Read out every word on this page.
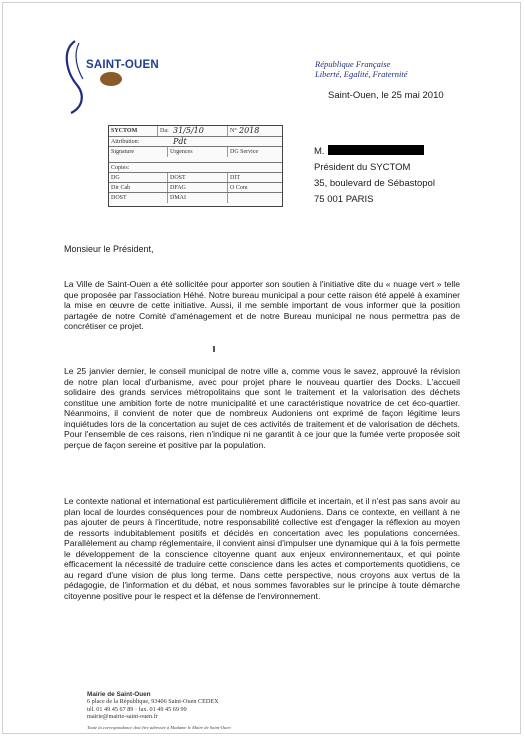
SAINT-OUEN	République Française
Liberté, Egalité, Fraternité
Saint-Ouen, le 25 mai 2010
SYCTOM	Da: 31/5/10	N° 2018
Attribution:	Pdt
Signature	Urgences	DG Service
Copies:
DG	DOST	DIT
Dir Cab	DFAG	O Com
DOST	DMAI
M.
Président du SYCTOM
35, boulevard de Sébastopol
75 001 PARIS
Monsieur le Président,
La Ville de Saint-Ouen a été sollicitée pour apporter son soutien à l'initiative dite du « nuage vert » telle que proposée par l'association Héhé. Notre bureau municipal a pour cette raison été appelé à examiner la mise en œuvre de cette initiative. Aussi, il me semble important de vous informer que la position partagée de notre Comité d'aménagement et de notre Bureau municipal ne nous permettra pas de concrétiser ce projet.
Le 25 janvier dernier, le conseil municipal de notre ville a, comme vous le savez, approuvé la révision de notre plan local d'urbanisme, avec pour projet phare le nouveau quartier des Docks. L'accueil solidaire des grands services métropolitains que sont le traitement et la valorisation des déchets constitue une ambition forte de notre municipalité et une caractéristique novatrice de cet éco-quartier. Néanmoins, il convient de noter que de nombreux Audoniens ont exprimé de façon légitime leurs inquiétudes lors de la concertation au sujet de ces activités de traitement et de valorisation de déchets. Pour l'ensemble de ces raisons, rien n'indique ni ne garantit à ce jour que la fumée verte proposée soit perçue de façon sereine et positive par la population.
Le contexte national et international est particulièrement difficile et incertain, et il n'est pas sans avoir au plan local de lourdes conséquences pour de nombreux Audoniens. Dans ce contexte, en veillant à ne pas ajouter de peurs à l'incertitude, notre responsabilité collective est d'engager la réflexion au moyen de ressorts indubitablement positifs et décidés en concertation avec les populations concernées. Parallèlement au champ réglementaire, il convient ainsi d'impulser une dynamique qui à la fois permette le développement de la conscience citoyenne quant aux enjeux environnementaux, et qui pointe efficacement la nécessité de traduire cette conscience dans les actes et comportements quotidiens, ce au regard d'une vision de plus long terme. Dans cette perspective, nous croyons aux vertus de la pédagogie, de l'information et du débat, et nous sommes favorables sur le principe à toute démarche citoyenne positive pour le respect et la défense de l'environnement.
Mairie de Saint-Ouen
6 place de la République, 93406 Saint-Ouen CEDEX
tél. 01 49 45 67 89 · fax. 01 49 45 69 99
mairie@mairie-saint-ouen.fr
Toute la correspondance doit être adressée à Madame le Maire de Saint-Ouen
